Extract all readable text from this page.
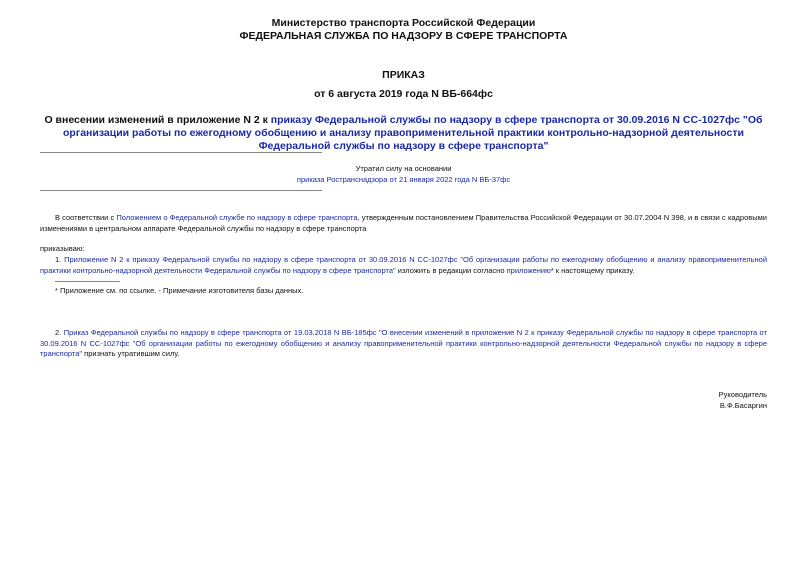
Министерство транспорта Российской Федерации
ФЕДЕРАЛЬНАЯ СЛУЖБА ПО НАДЗОРУ В СФЕРЕ ТРАНСПОРТА
ПРИКАЗ
от 6 августа 2019 года N ВБ-664фс
О внесении изменений в приложение N 2 к приказу Федеральной службы по надзору в сфере транспорта от 30.09.2016 N СС-1027фс "Об организации работы по ежегодному обобщению и анализу правоприменительной практики контрольно-надзорной деятельности Федеральной службы по надзору в сфере транспорта"
Утратил силу на основании
приказа Ространснадзора от 21 января 2022 года N ВБ-37фс
В соответствии с Положением о Федеральной службе по надзору в сфере транспорта, утвержденным постановлением Правительства Российской Федерации от 30.07.2004 N 398, и в связи с кадровыми изменениями в центральном аппарате Федеральной службы по надзору в сфере транспорта
приказываю:
1. Приложение N 2 к приказу Федеральной службы по надзору в сфере транспорта от 30.09.2016 N СС-1027фс "Об организации работы по ежегодному обобщению и анализу правоприменительной практики контрольно-надзорной деятельности Федеральной службы по надзору в сфере транспорта" изложить в редакции согласно приложению* к настоящему приказу.
* Приложение см. по ссылке. - Примечание изготовителя базы данных.
2. Приказ Федеральной службы по надзору в сфере транспорта от 19.03.2018 N ВБ-185фс "О внесении изменений в приложение N 2 к приказу Федеральной службы по надзору в сфере транспорта от 30.09.2016 N СС-1027фс "Об организации работы по ежегодному обобщению и анализу правоприменительной практики контрольно-надзорной деятельности Федеральной службы по надзору в сфере транспорта" признать утратившим силу.
Руководитель
В.Ф.Басаргин
